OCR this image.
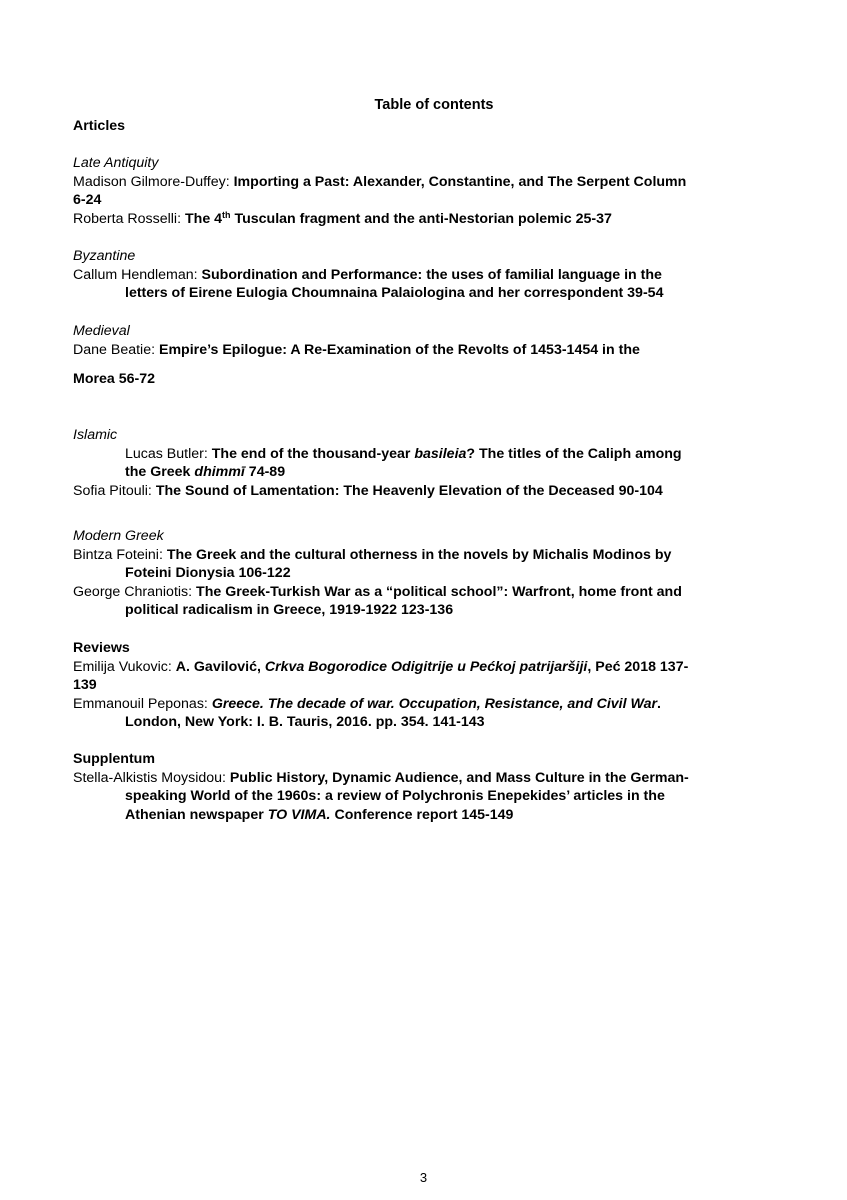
Table of contents
Articles
Late Antiquity
Madison Gilmore-Duffey: Importing a Past: Alexander, Constantine, and The Serpent Column
6-24
Roberta Rosselli: The 4th Tusculan fragment and the anti-Nestorian polemic 25-37
Byzantine
Callum Hendleman: Subordination and Performance: the uses of familial language in the
letters of Eirene Eulogia Choumnaina Palaiologina and her correspondent 39-54
Medieval
Dane Beatie: Empire’s Epilogue: A Re-Examination of the Revolts of 1453-1454 in the
Morea 56-72
Islamic
Lucas Butler: The end of the thousand-year basileia? The titles of the Caliph among
the Greek dhimmī 74-89
Sofia Pitouli: The Sound of Lamentation: The Heavenly Elevation of the Deceased 90-104
Modern Greek
Bintza Foteini: The Greek and the cultural otherness in the novels by Michalis Modinos by
Foteini Dionysia 106-122
George Chraniotis: The Greek-Turkish War as a “political school”: Warfront, home front and
political radicalism in Greece, 1919-1922 123-136
Reviews
Emilija Vukovic: A. Gavilović, Crkva Bogorodice Odigitrije u Pećkoj patrijaršiji, Peć 2018 137-
139
Emmanouil Peponas: Greece. The decade of war. Occupation, Resistance, and Civil War.
London, New York: I. B. Tauris, 2016. pp. 354. 141-143
Supplentum
Stella-Alkistis Moysidou: Public History, Dynamic Audience, and Mass Culture in the German-
speaking World of the 1960s: a review of Polychronis Enepekides’ articles in the
Athenian newspaper TO VIMA. Conference report 145-149
3
